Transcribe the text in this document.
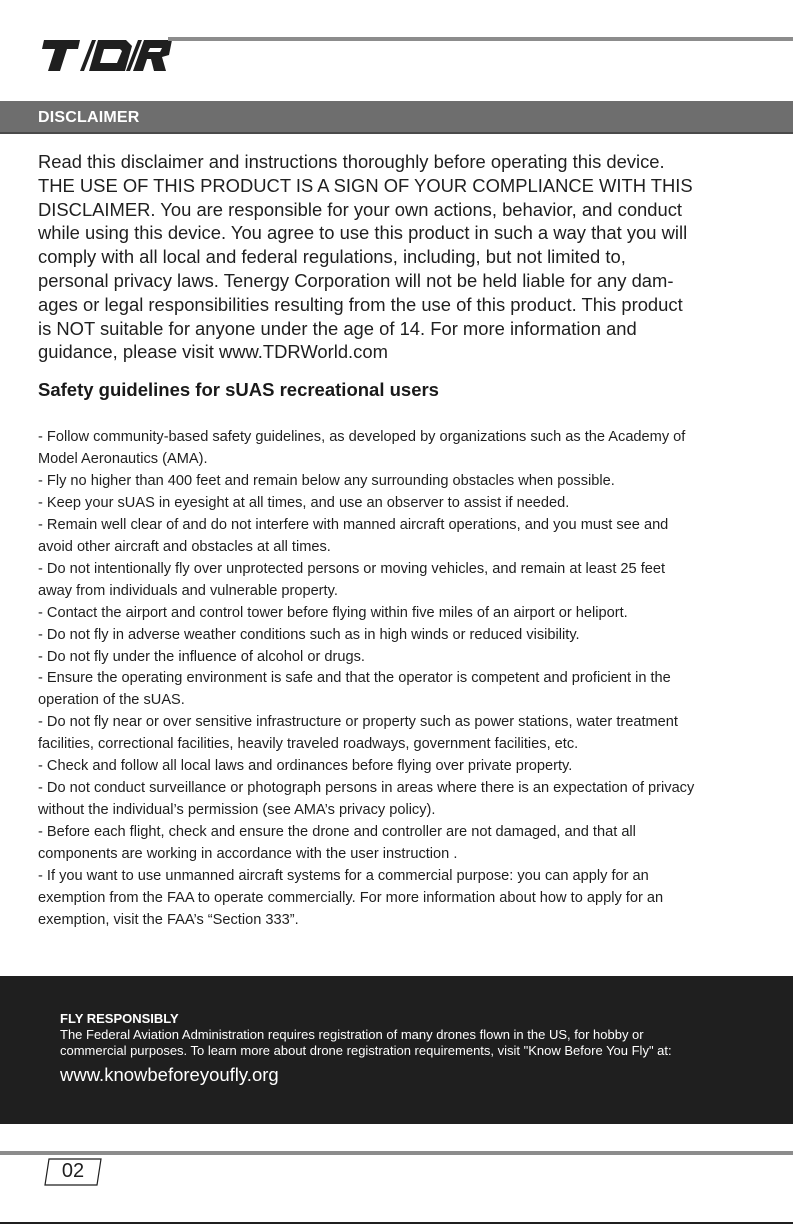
DISCLAIMER
Read this disclaimer and instructions thoroughly before operating this device.
THE USE OF THIS PRODUCT IS A SIGN OF YOUR COMPLIANCE WITH THIS
DISCLAIMER. You are responsible for your own actions, behavior, and conduct
while using this device. You agree to use this product in such a way that you will
comply with all local and federal regulations, including, but not limited to,
personal privacy laws. Tenergy Corporation will not be held liable for any dam-
ages or legal responsibilities resulting from the use of this product. This product
is NOT suitable for anyone under the age of 14. For more information and
guidance, please visit www.TDRWorld.com
Safety guidelines for sUAS recreational users
- Follow community-based safety guidelines, as developed by organizations such as the Academy of
Model Aeronautics (AMA).
- Fly no higher than 400 feet and remain below any surrounding obstacles when possible.
- Keep your sUAS in eyesight at all times, and use an observer to assist if needed.
- Remain well clear of and do not interfere with manned aircraft operations, and you must see and
avoid other aircraft and obstacles at all times.
- Do not intentionally fly over unprotected persons or moving vehicles, and remain at least 25 feet
away from individuals and vulnerable property.
- Contact the airport and control tower before flying within five miles of an airport or heliport.
- Do not fly in adverse weather conditions such as in high winds or reduced visibility.
- Do not fly under the influence of alcohol or drugs.
- Ensure the operating environment is safe and that the operator is competent and proficient in the
operation of the sUAS.
- Do not fly near or over sensitive infrastructure or property such as power stations, water treatment
facilities, correctional facilities, heavily traveled roadways, government facilities, etc.
- Check and follow all local laws and ordinances before flying over private property.
- Do not conduct surveillance or photograph persons in areas where there is an expectation of privacy
without the individual’s permission (see AMA’s privacy policy).
- Before each flight, check and ensure the drone and controller are not damaged, and that all
components are working in accordance with the user instruction .
- If you want to use unmanned aircraft systems for a commercial purpose: you can apply for an
exemption from the FAA to operate commercially. For more information about how to apply for an
exemption, visit the FAA’s “Section 333”.
FLY RESPONSIBLY
The Federal Aviation Administration requires registration of many drones flown in the US, for hobby or
commercial purposes. To learn more about drone registration requirements, visit "Know Before You Fly" at:
www.knowbeforeyoufly.org
02
